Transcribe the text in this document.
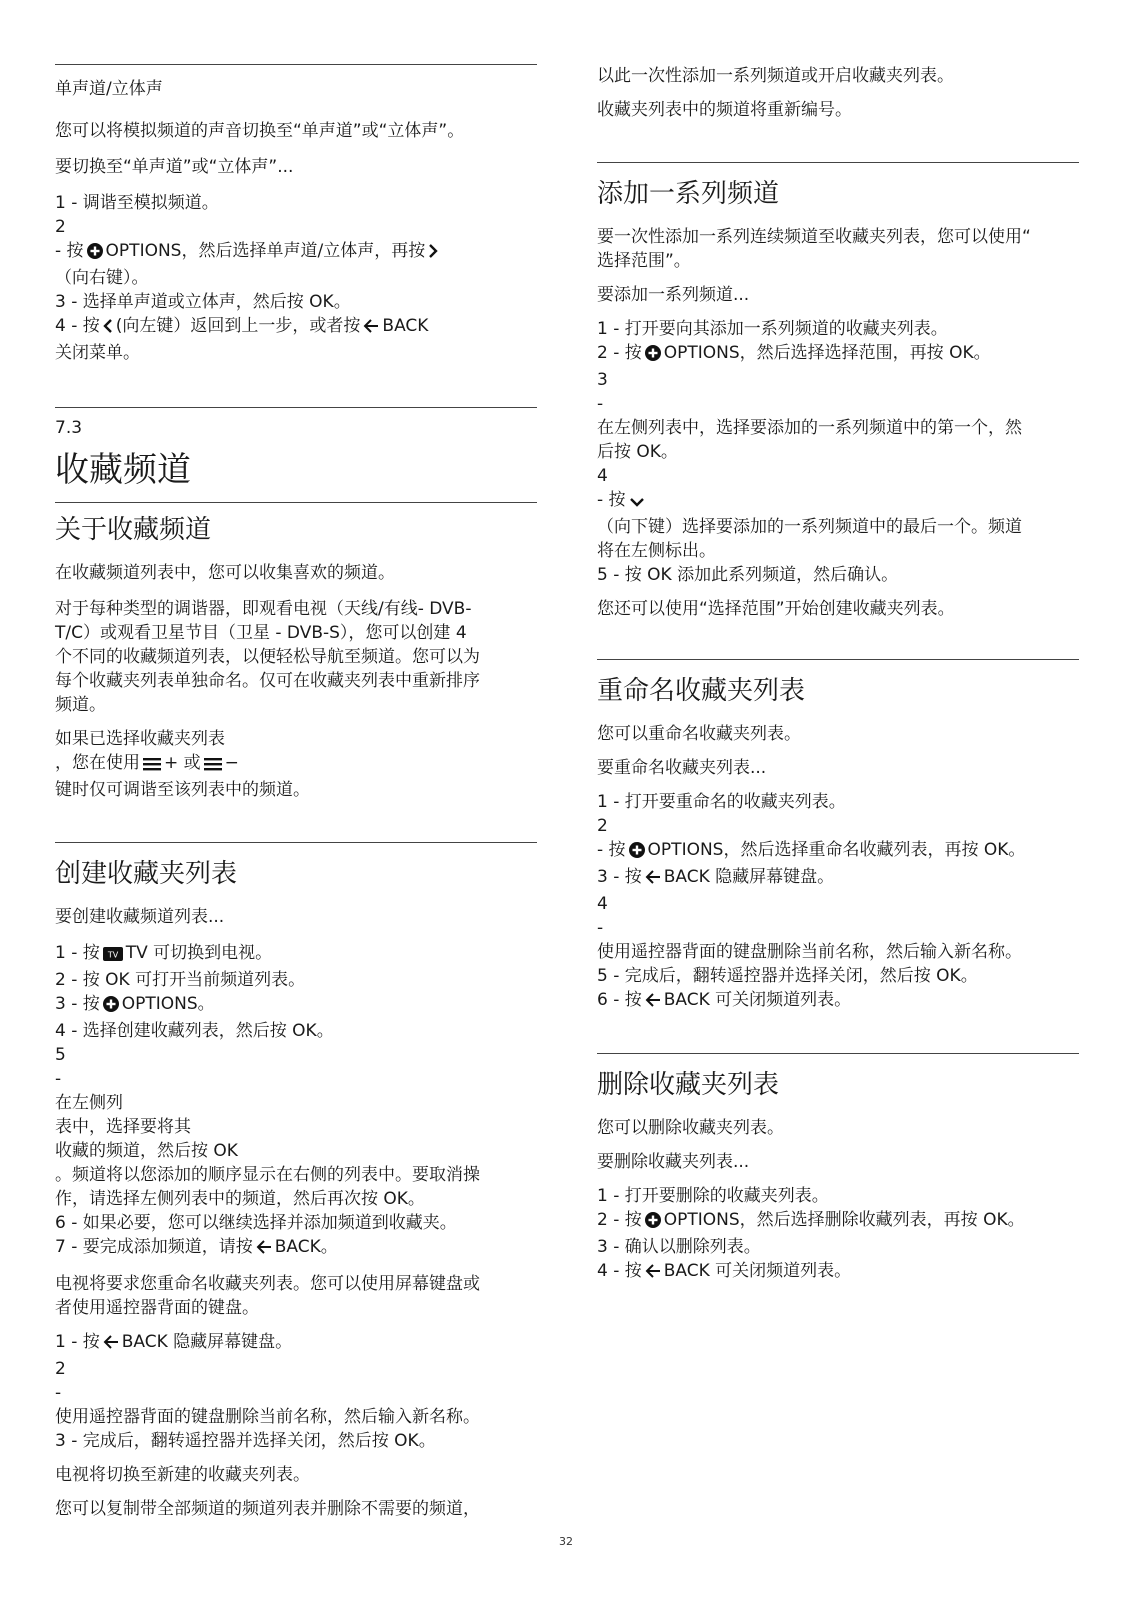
单声道/立体声
您可以将模拟频道的声音切换至“单声道”或“立体声”。
要切换至“单声道”或“立体声”...
1 - 调谐至模拟频道。
2
- 按 OPTIONS，然后选择单声道/立体声，再按
（向右键）。
3 - 选择单声道或立体声，然后按 OK。
4 - 按 (向左键）返回到上一步，或者按 BACK
关闭菜单。
7.3
收藏频道
关于收藏频道
在收藏频道列表中，您可以收集喜欢的频道。
对于每种类型的调谐器，即观看电视（天线/有线- DVB-
T/C）或观看卫星节目（卫星 - DVB-S），您可以创建 4
个不同的收藏频道列表，以便轻松导航至频道。您可以为
每个收藏夹列表单独命名。仅可在收藏夹列表中重新排序
频道。
如果已选择收藏夹列表
，您在使用 + 或 −
键时仅可调谐至该列表中的频道。
创建收藏夹列表
要创建收藏频道列表...
1 - 按 TV TV 可切换到电视。
2 - 按 OK 可打开当前频道列表。
3 - 按 OPTIONS。
4 - 选择创建收藏列表，然后按 OK。
5
-
在左侧列
表中，选择要将其
收藏的频道，然后按 OK
。频道将以您添加的顺序显示在右侧的列表中。要取消操
作，请选择左侧列表中的频道，然后再次按 OK。
6 - 如果必要，您可以继续选择并添加频道到收藏夹。
7 - 要完成添加频道，请按 BACK。
电视将要求您重命名收藏夹列表。您可以使用屏幕键盘或
者使用遥控器背面的键盘。
1 - 按 BACK 隐藏屏幕键盘。
2
-
使用遥控器背面的键盘删除当前名称，然后输入新名称。
3 - 完成后，翻转遥控器并选择关闭，然后按 OK。
电视将切换至新建的收藏夹列表。
您可以复制带全部频道的频道列表并删除不需要的频道，
以此一次性添加一系列频道或开启收藏夹列表。
收藏夹列表中的频道将重新编号。
添加一系列频道
要一次性添加一系列连续频道至收藏夹列表，您可以使用“
选择范围”。
要添加一系列频道...
1 - 打开要向其添加一系列频道的收藏夹列表。
2 - 按 OPTIONS，然后选择选择范围，再按 OK。
3
-
在左侧列表中，选择要添加的一系列频道中的第一个，然
后按 OK。
4
- 按
（向下键）选择要添加的一系列频道中的最后一个。频道
将在左侧标出。
5 - 按 OK 添加此系列频道，然后确认。
您还可以使用“选择范围”开始创建收藏夹列表。
重命名收藏夹列表
您可以重命名收藏夹列表。
要重命名收藏夹列表...
1 - 打开要重命名的收藏夹列表。
2
- 按 OPTIONS，然后选择重命名收藏列表，再按 OK。
3 - 按 BACK 隐藏屏幕键盘。
4
-
使用遥控器背面的键盘删除当前名称，然后输入新名称。
5 - 完成后，翻转遥控器并选择关闭，然后按 OK。
6 - 按 BACK 可关闭频道列表。
删除收藏夹列表
您可以删除收藏夹列表。
要删除收藏夹列表...
1 - 打开要删除的收藏夹列表。
2 - 按 OPTIONS，然后选择删除收藏列表，再按 OK。
3 - 确认以删除列表。
4 - 按 BACK 可关闭频道列表。
32
